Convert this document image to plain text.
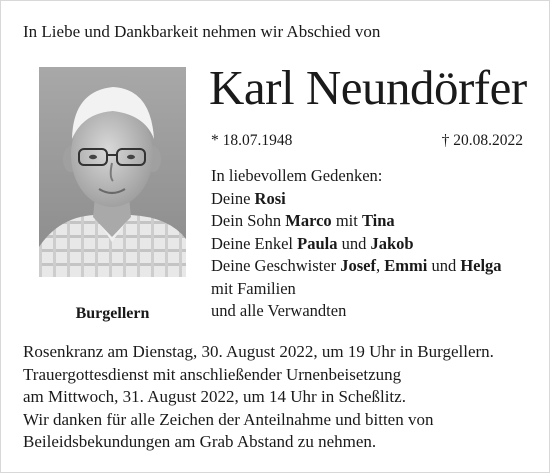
In Liebe und Dankbarkeit nehmen wir Abschied von
Burgellern
Karl Neundörfer
* 18.07.1948	† 20.08.2022
In liebevollem Gedenken:
Deine Rosi
Dein Sohn Marco mit Tina
Deine Enkel Paula und Jakob
Deine Geschwister Josef, Emmi und Helga
mit Familien
und alle Verwandten
Rosenkranz am Dienstag, 30. August 2022, um 19 Uhr in Burgellern.
Trauergottesdienst mit anschließender Urnenbeisetzung
am Mittwoch, 31. August 2022, um 14 Uhr in Scheßlitz.
Wir danken für alle Zeichen der Anteilnahme und bitten von
Beileidsbekundungen am Grab Abstand zu nehmen.
